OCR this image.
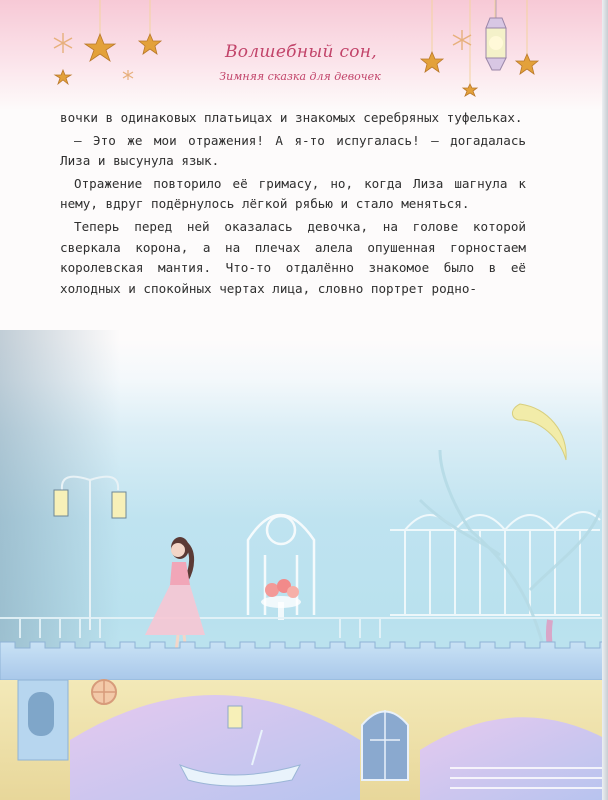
Волшебный сон,
Зимняя сказка для девочек

вочки в одинаковых платьицах и знакомых серебряных туфельках.

— Это же мои отражения! А я-то испугалась! — догадалась Лиза и высунула язык.

Отражение повторило её гримасу, но, когда Лиза шагнула к нему, вдруг подёрнулось лёгкой рябью и стало меняться.

Теперь перед ней оказалась девочка, на голове которой сверкала корона, а на плечах алела опушенная горностаем королевская мантия. Что-то отдалённо знакомое было в её холодных и спокойных чертах лица, словно портрет родно-
